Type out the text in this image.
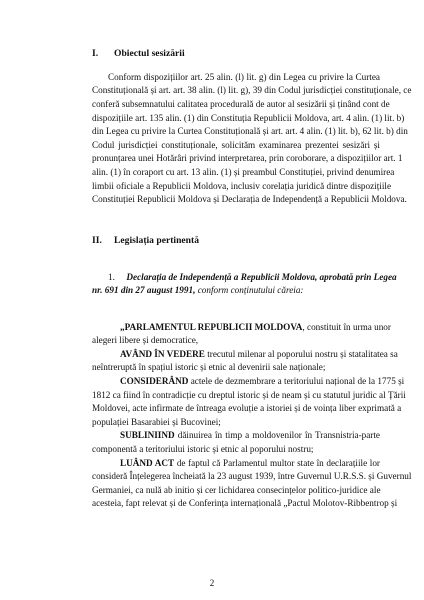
I. Obiectul sesizării
Conform dispozițiilor art. 25 alin. (l) lit. g) din Legea cu privire la Curtea
Constituțională și art. art. 38 alin. (l) lit. g), 39 din Codul jurisdicției constituționale, ce
conferă subsemnatului calitatea procedurală de autor al sesizării și ținând cont de
dispozițiile art. 135 alin. (1) din Constituția Republicii Moldova, art. 4 alin. (1) lit. b)
din Legea cu privire la Curtea Constituțională și art. art. 4 alin. (1) lit. b), 62 lit. b) din
Codul jurisdicției constituționale, solicităm examinarea prezentei sesizări și
pronunțarea unei Hotărâri privind interpretarea, prin coroborare, a dispozițiilor art. 1
alin. (1) în coraport cu art. 13 alin. (1) și preambul Constituției, privind denumirea
limbii oficiale a Republicii Moldova, inclusiv corelația juridică dintre dispozițiile
Constituției Republicii Moldova și Declarația de Independență a Republicii Moldova.
II. Legislația pertinentă
1. Declarația de Independență a Republicii Moldova, aprobată prin Legea
nr. 691 din 27 august 1991, conform conținutului căreia:
„PARLAMENTUL REPUBLICII MOLDOVA, constituit în urma unor
alegeri libere și democratice,
AVÂND ÎN VEDERE trecutul milenar al poporului nostru și statalitatea sa
neîntreruptă în spațiul istoric și etnic al devenirii sale naționale;
CONSIDERÂND actele de dezmembrare a teritoriului național de la 1775 și
1812 ca fiind în contradicție cu dreptul istoric și de neam și cu statutul juridic al Țării
Moldovei, acte infirmate de întreaga evoluție a istoriei și de voința liber exprimată a
populației Basarabiei și Bucovinei;
SUBLINIIND dăinuirea în timp a moldovenilor în Transnistria-parte
componentă a teritoriului istoric și etnic al poporului nostru;
LUÂND ACT de faptul că Parlamentul multor state în declarațiile lor
consideră Înțelegerea încheiată la 23 august 1939, între Guvernul U.R.S.S. și Guvernul
Germaniei, ca nulă ab initio și cer lichidarea consecințelor politico-juridice ale
acesteia, fapt relevat și de Conferința internațională „Pactul Molotov-Ribbentrop și
2
